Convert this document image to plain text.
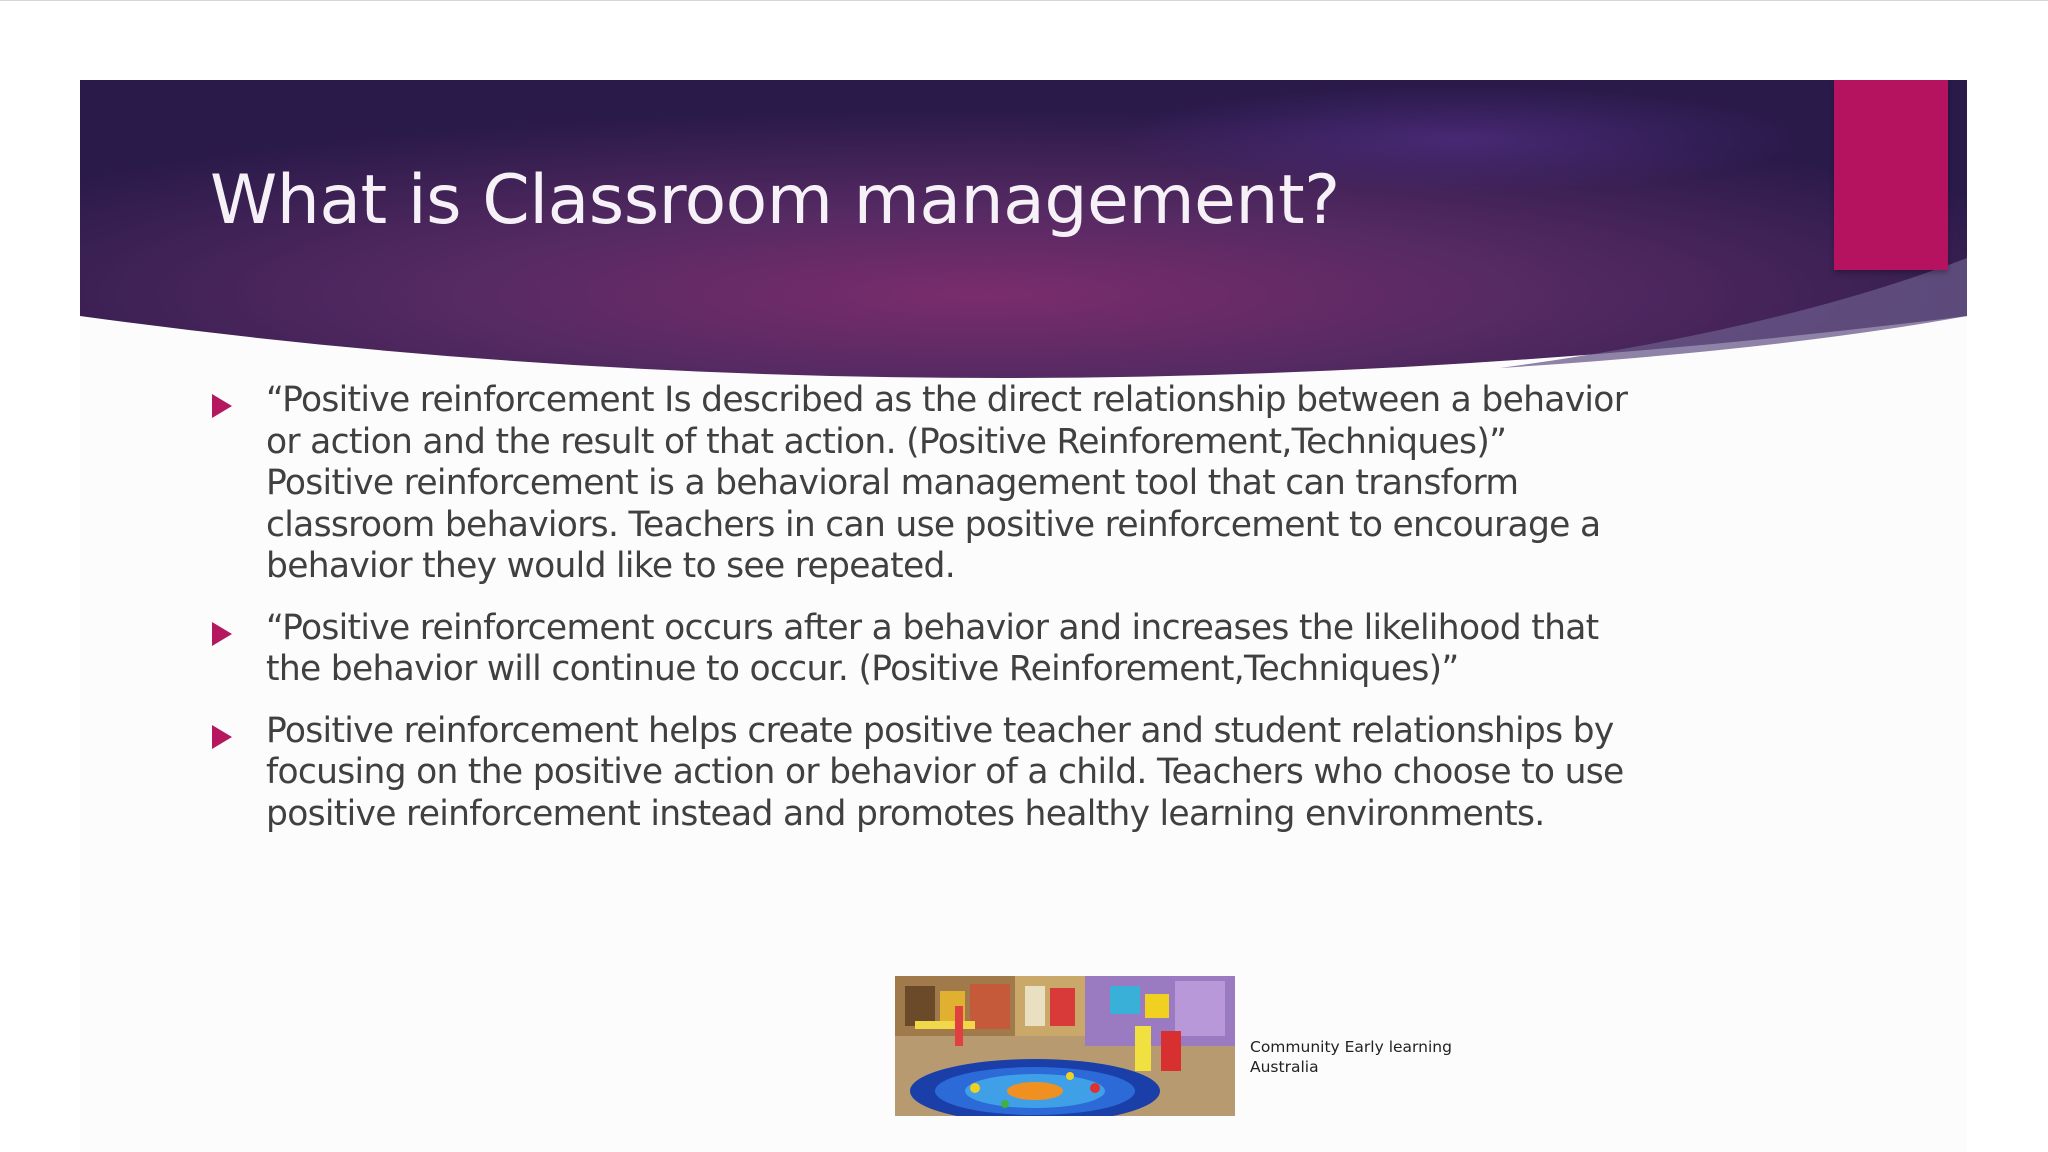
What is Classroom management?
“Positive reinforcement Is described as the direct relationship between a behavior
or action and the result of that action. (Positive Reinforement,Techniques)”
Positive reinforcement is a behavioral management tool that can transform
classroom behaviors. Teachers in can use positive reinforcement to encourage a
behavior they would like to see repeated.
“Positive reinforcement occurs after a behavior and increases the likelihood that
the behavior will continue to occur. (Positive Reinforement,Techniques)”
Positive reinforcement helps create positive teacher and student relationships by
focusing on the positive action or behavior of a child. Teachers who choose to use
positive reinforcement instead and promotes healthy learning environments.
Community Early learning
Australia
